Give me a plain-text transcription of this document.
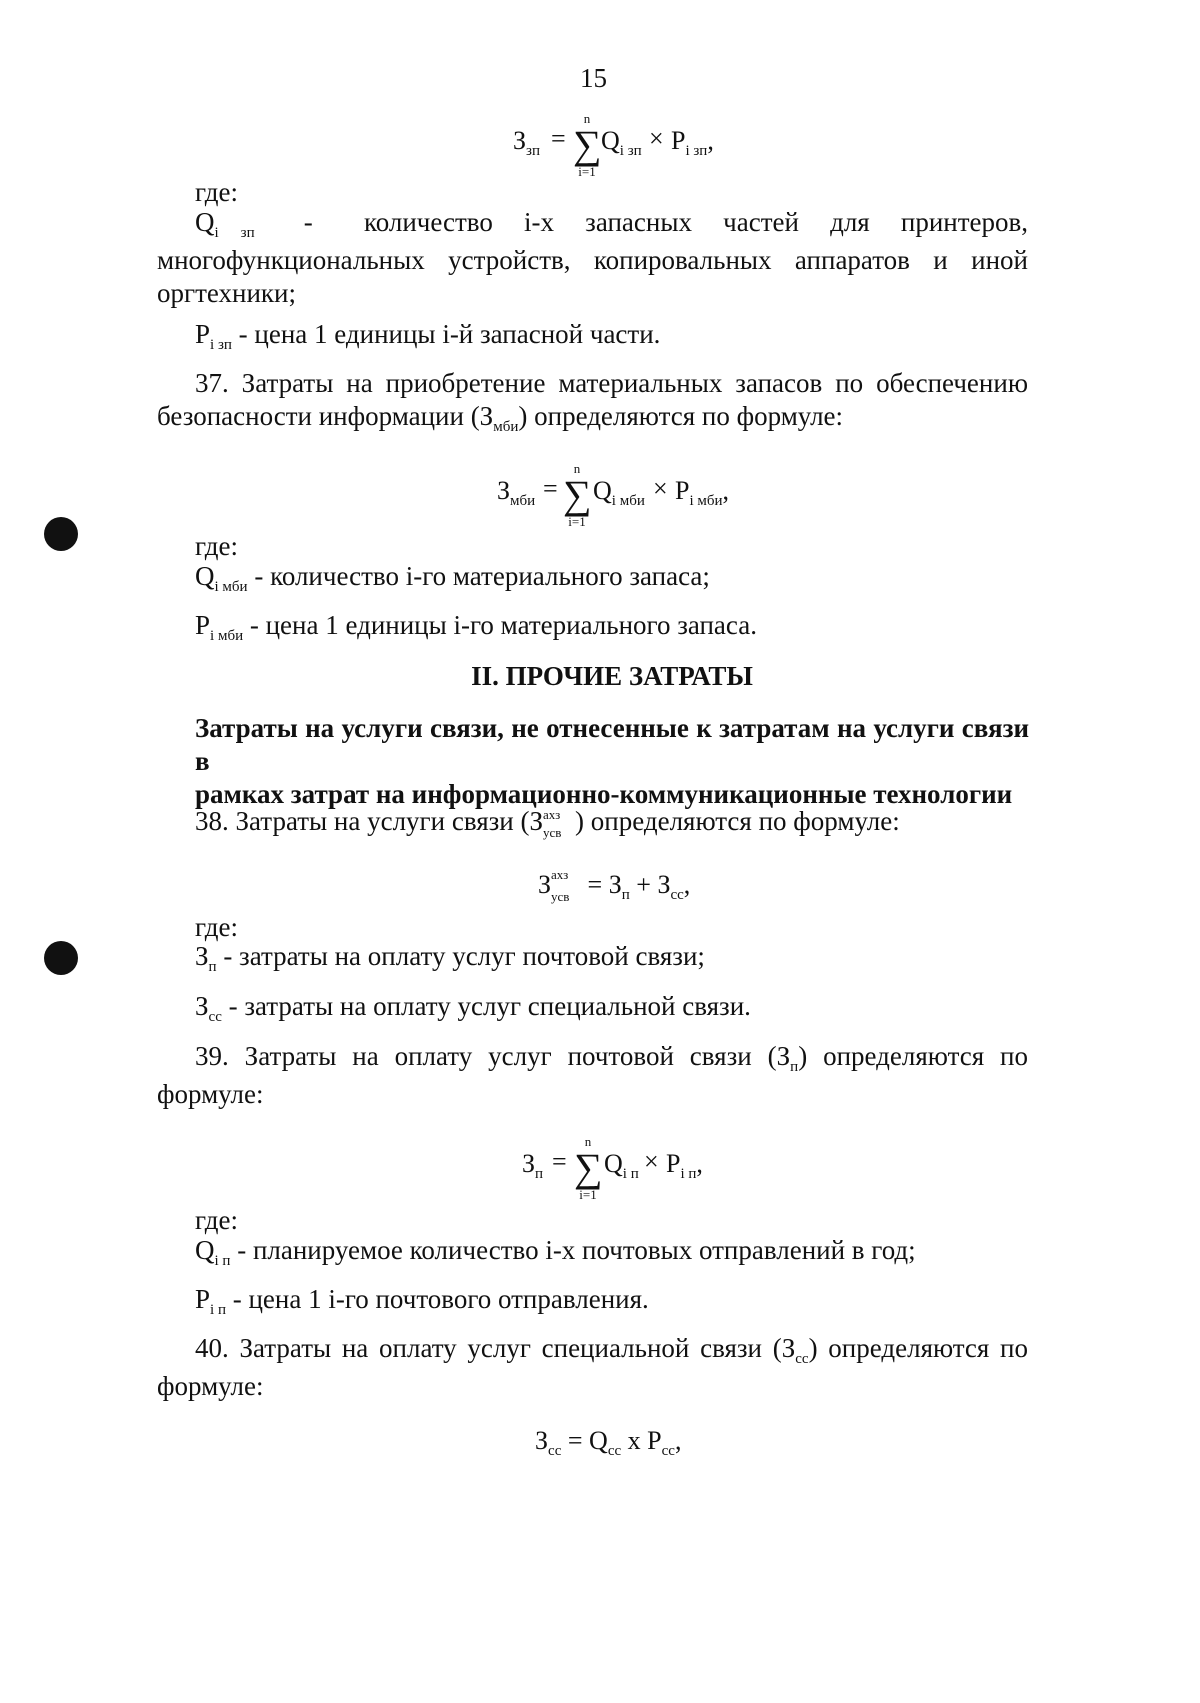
15
$З_{зп}$ =
n
∑
i=1
$Q_{i зп} \times P_{i зп}$,
где:
$Q_i$ $_{зп}$ - количество i-х запасных частей для принтеров,
многофункциональных устройств, копировальных аппаратов и иной
оргтехники;
$P_{i зп}$ - цена 1 единицы i-й запасной части.
37. Затраты на приобретение материальных запасов по обеспечению
безопасности информации $(З_{мби})$ определяются по формуле:
$З_{мби}$ =
n
∑
i=1
$Q_{i мби} \times P_{i мби}$,
где:
$Q_{i мби}$ - количество i-го материального запаса;
$P_{i мби}$ - цена 1 единицы i-го материального запаса.
II. ПРОЧИЕ ЗАТРАТЫ
Затраты на услуги связи, не отнесенные к затратам на услуги связи в
рамках затрат на информационно-коммуникационные технологии
38. Затраты на услуги связи (З ахз
усв ) определяются по формуле:
З ахз
усв = $З_п + З_{сс}$,
где:
$З_п$ - затраты на оплату услуг почтовой связи;
$З_{сс}$ - затраты на оплату услуг специальной связи.
39. Затраты на оплату услуг почтовой связи $(З_п)$ определяются по
формуле:
$З_п$ =
n
∑
i=1
$Q_{i п} \times P_{i п}$,
где:
$Q_{i п}$ - планируемое количество i-х почтовых отправлений в год;
$P_{i п}$ - цена 1 i-го почтового отправления.
40. Затраты на оплату услуг специальной связи $(З_{сс})$ определяются по
формуле:
$З_{сс} = Q_{сс}$ x $P_{сс}$,
